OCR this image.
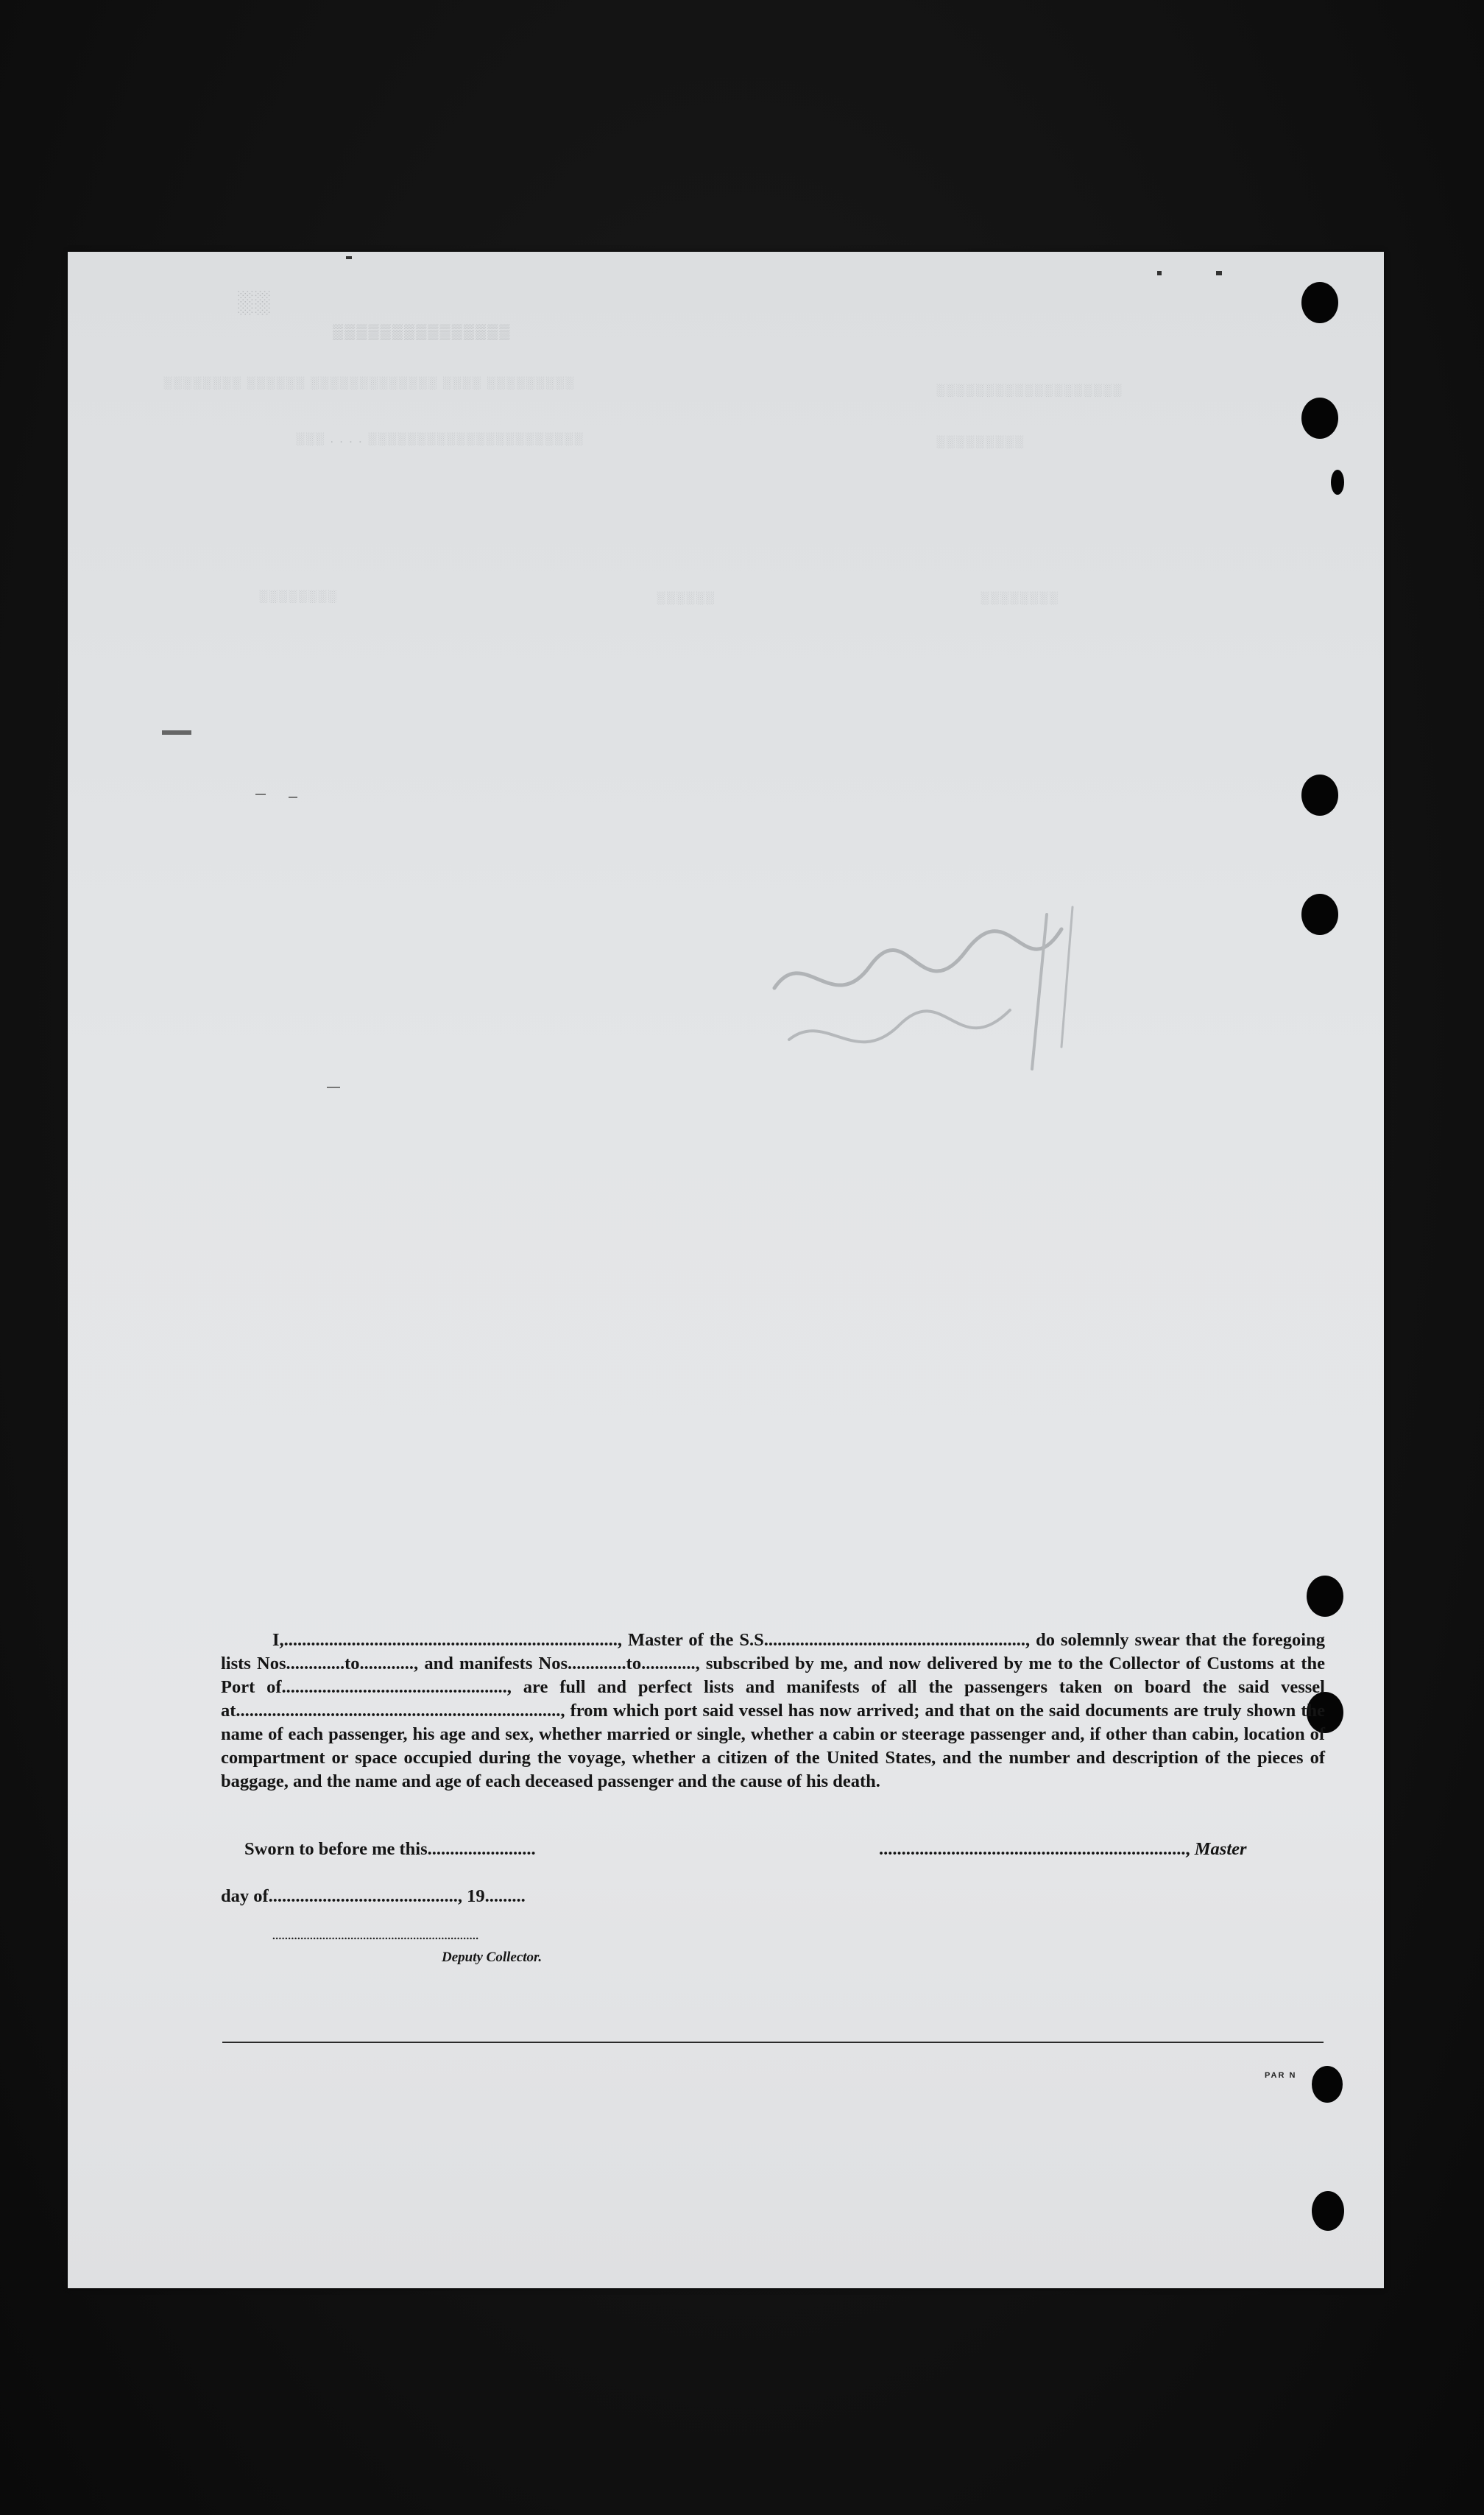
░░
▒▒▒▒▒▒▒▒▒▒▒▒▒▒▒
░░░░░░░░ ░░░░░░ ░░░░░░░░░░░░░ ░░░░ ░░░░░░░░░
░░░░░░░░░░░░░░░░░░░
░░░ . . . . ░░░░░░░░░░░░░░░░░░░░░░	░░░░░░░░░
░░░░░░░░	░░░░░░	░░░░░░░░
I,.........................................................................., Master of the S.S.........................................................., do solemnly swear that the foregoing lists Nos.............to............, and manifests Nos.............to............, subscribed by me, and now delivered by me to the Collector of Customs at the Port of.................................................., are full and perfect lists and manifests of all the passengers taken on board the said vessel at........................................................................, from which port said vessel has now arrived; and that on the said documents are truly shown the name of each passenger, his age and sex, whether married or single, whether a cabin or steerage passenger and, if other than cabin, location of compartment or space occupied during the voyage, whether a citizen of the United States, and the number and description of the pieces of baggage, and the name and age of each deceased passenger and the cause of his death.
Sworn to before me this........................	...................................................................., Master
day of.........................................., 19.........
..................................................................
Deputy Collector.
PAR N
